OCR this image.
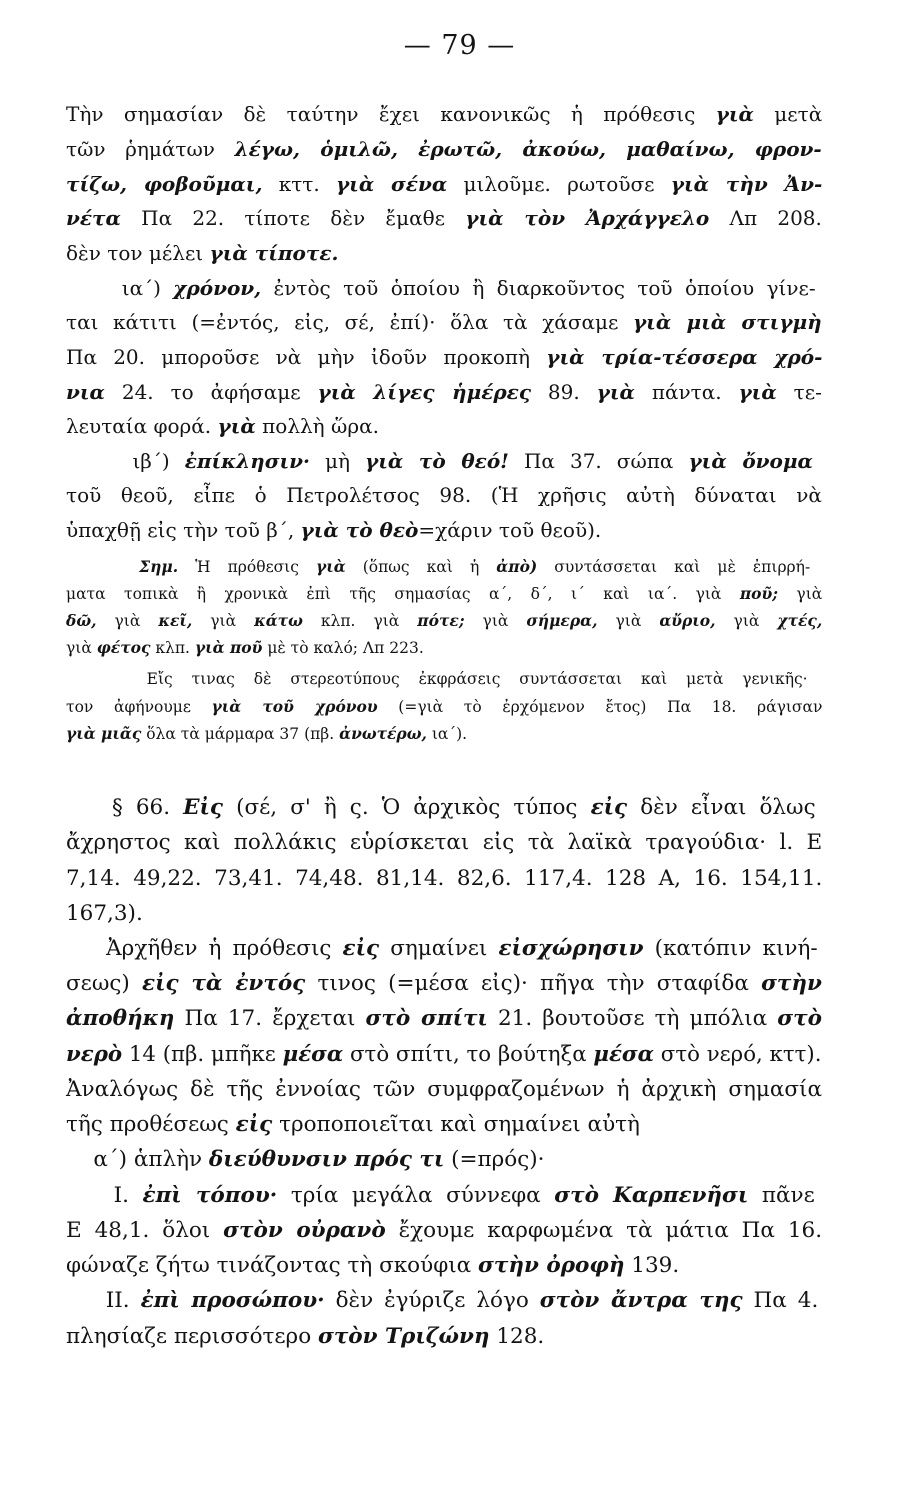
— 79 —
Τὴν σημασίαν δὲ ταύτην ἔχει κανονικῶς ἡ πρόθεσις γιὰ μετὰ
τῶν ῥημάτων λέγω, ὁμιλῶ, ἐρωτῶ, ἀκούω, μαθαίνω, φρον-
τίζω, φοβοῦμαι, κττ. γιὰ σένα μιλοῦμε. ρωτοῦσε γιὰ τὴν Ἀν-
νέτα Πα 22. τίποτε δὲν ἔμαθε γιὰ τὸν Ἀρχάγγελο Λπ 208.
δὲν τον μέλει γιὰ τίποτε.
ια΄) χρόνον, ἐντὸς τοῦ ὁποίου ἢ διαρκοῦντος τοῦ ὁποίου γίνε-
ται κάτιτι (=ἐντός, εἰς, σέ, ἐπί)· ὅλα τὰ χάσαμε γιὰ μιὰ στιγμὴ
Πα 20. μποροῦσε νὰ μὴν ἰδοῦν προκοπὴ γιὰ τρία-τέσσερα χρό-
νια 24. το ἀφήσαμε γιὰ λίγες ἡμέρες 89. γιὰ πάντα. γιὰ τε-
λευταία φορά. γιὰ πολλὴ ὥρα.
ιβ΄) ἐπίκλησιν· μὴ γιὰ τὸ θεό! Πα 37. σώπα γιὰ ὄνομα
τοῦ θεοῦ, εἶπε ὁ Πετρολέτσος 98. (Ἡ χρῆσις αὐτὴ δύναται νὰ
ὑπαχθῇ εἰς τὴν τοῦ β΄, γιὰ τὸ θεὸ=χάριν τοῦ θεοῦ).
Σημ. Ἡ πρόθεσις γιὰ (ὅπως καὶ ἡ ἀπὸ) συντάσσεται καὶ μὲ ἐπιρρή-
ματα τοπικὰ ἢ χρονικὰ ἐπὶ τῆς σημασίας α΄, δ΄, ι΄ καὶ ια΄. γιὰ ποῦ; γιὰ
δῶ, γιὰ κεῖ, γιὰ κάτω κλπ. γιὰ πότε; γιὰ σήμερα, γιὰ αὔριο, γιὰ χτές,
γιὰ φέτος κλπ. γιὰ ποῦ μὲ τὸ καλό; Λπ 223.
Εἴς τινας δὲ στερεοτύπους ἐκφράσεις συντάσσεται καὶ μετὰ γενικῆς·
τον ἀφήνουμε γιὰ τοῦ χρόνου (=γιὰ τὸ ἐρχόμενον ἔτος) Πα 18. ράγισαν
γιὰ μιᾶς ὅλα τὰ μάρμαρα 37 (πβ. ἀνωτέρω, ια΄).
§ 66. Εἰς (σέ, σ' ἢ ς. Ὁ ἀρχικὸς τύπος εἰς δὲν εἶναι ὅλως
ἄχρηστος καὶ πολλάκις εὑρίσκεται εἰς τὰ λαϊκὰ τραγούδια· l. Ε
7,14. 49,22. 73,41. 74,48. 81,14. 82,6. 117,4. 128 Α, 16. 154,11.
167,3).
Ἀρχῆθεν ἡ πρόθεσις εἰς σημαίνει εἰσχώρησιν (κατόπιν κινή-
σεως) εἰς τὰ ἐντός τινος (=μέσα εἰς)· πῆγα τὴν σταφίδα στὴν
ἀποθήκη Πα 17. ἔρχεται στὸ σπίτι 21. βουτοῦσε τὴ μπόλια στὸ
νερὸ 14 (πβ. μπῆκε μέσα στὸ σπίτι, το βούτηξα μέσα στὸ νερό, κττ).
Ἀναλόγως δὲ τῆς ἐννοίας τῶν συμφραζομένων ἡ ἀρχικὴ σημασία
τῆς προθέσεως εἰς τροποποιεῖται καὶ σημαίνει αὐτὴ
α΄) ἁπλὴν διεύθυνσιν πρός τι (=πρός)·
Ι. ἐπὶ τόπου· τρία μεγάλα σύννεφα στὸ Καρπενῆσι πᾶνε
Ε 48,1. ὅλοι στὸν οὐρανὸ ἔχουμε καρφωμένα τὰ μάτια Πα 16.
φώναζε ζήτω τινάζοντας τὴ σκούφια στὴν ὀροφὴ 139.
ΙΙ. ἐπὶ προσώπου· δὲν ἐγύριζε λόγο στὸν ἄντρα της Πα 4.
πλησίαζε περισσότερο στὸν Τριζώνη 128.
